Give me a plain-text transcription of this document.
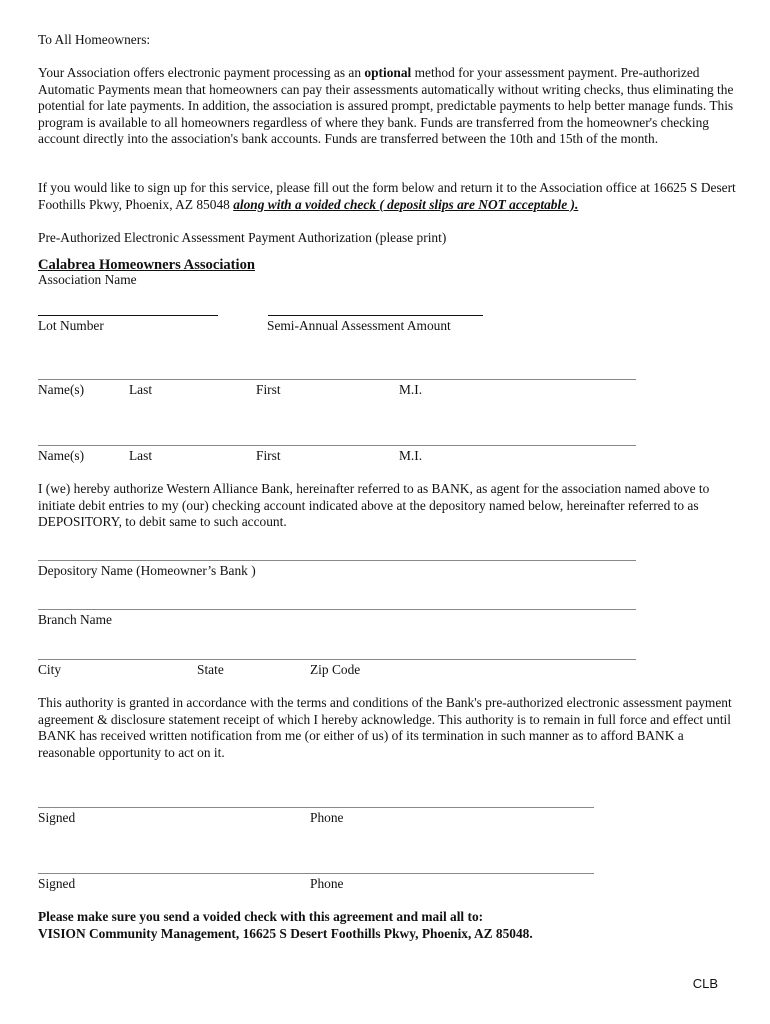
To All Homeowners:
Your Association offers electronic payment processing as an optional method for your assessment payment. Pre-authorized Automatic Payments mean that homeowners can pay their assessments automatically without writing checks, thus eliminating the potential for late payments. In addition, the association is assured prompt, predictable payments to help better manage funds. This program is available to all homeowners regardless of where they bank. Funds are transferred from the homeowner's checking account directly into the association's bank accounts. Funds are transferred between the 10th and 15th of the month.
If you would like to sign up for this service, please fill out the form below and return it to the Association office at 16625 S Desert Foothills Pkwy, Phoenix, AZ 85048 along with a voided check ( deposit slips are NOT acceptable ).
Pre-Authorized Electronic Assessment Payment Authorization (please print)
Calabrea Homeowners Association
Association Name
Lot Number	Semi-Annual Assessment Amount
Name(s)	Last	First	M.I.
Name(s)	Last	First	M.I.
I (we) hereby authorize Western Alliance Bank, hereinafter referred to as BANK, as agent for the association named above to initiate debit entries to my (our) checking account indicated above at the depository named below, hereinafter referred to as DEPOSITORY, to debit same to such account.
Depository Name (Homeowner’s Bank )
Branch Name
City	State	Zip Code
This authority is granted in accordance with the terms and conditions of the Bank's pre-authorized electronic assessment payment agreement & disclosure statement receipt of which I hereby acknowledge. This authority is to remain in full force and effect until BANK has received written notification from me (or either of us) of its termination in such manner as to afford BANK a reasonable opportunity to act on it.
Signed	Phone
Signed	Phone
Please make sure you send a voided check with this agreement and mail all to:
VISION Community Management, 16625 S Desert Foothills Pkwy, Phoenix, AZ 85048.
CLB
